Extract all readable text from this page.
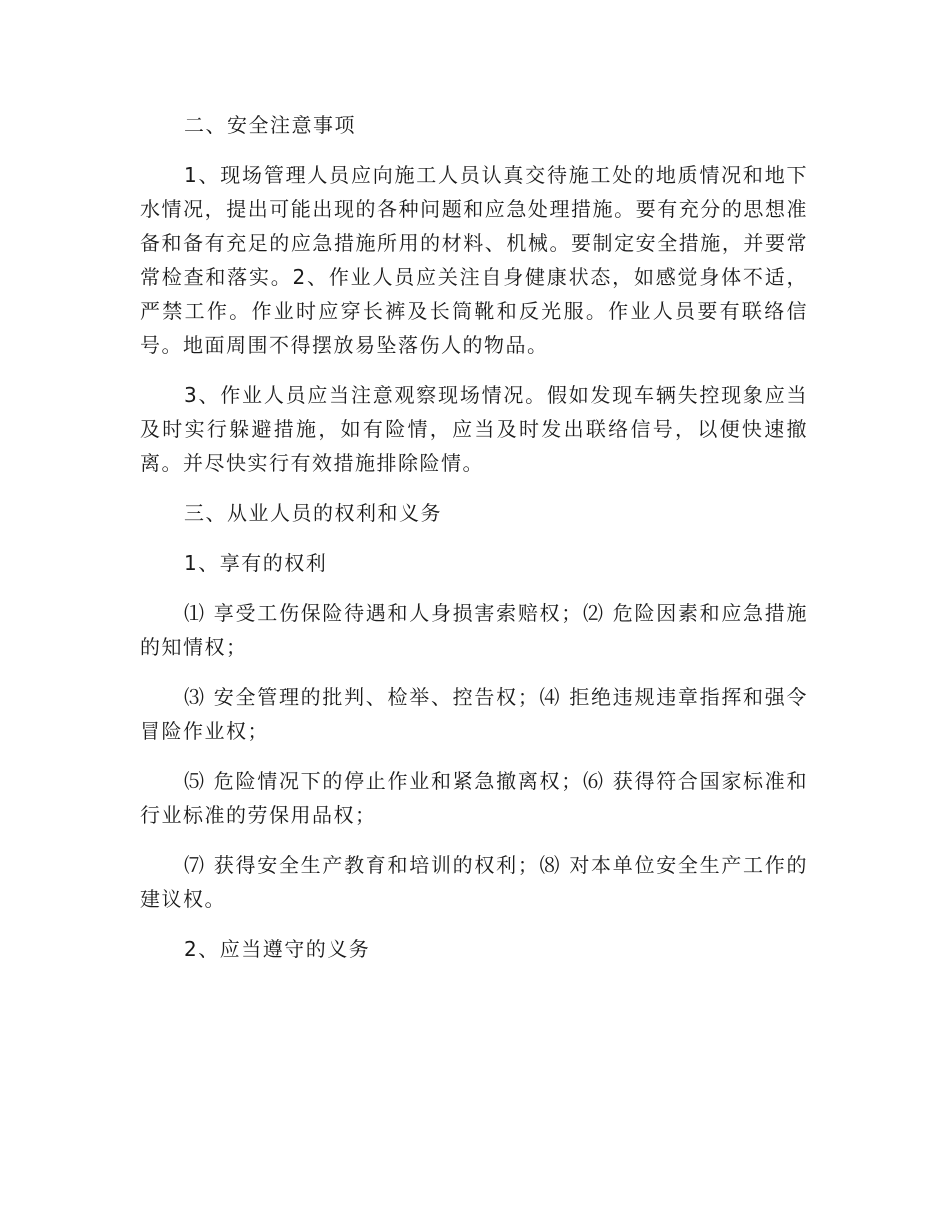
二、安全注意事项

1、现场管理人员应向施工人员认真交待施工处的地质情况和地下水情况，提出可能出现的各种问题和应急处理措施。要有充分的思想准备和备有充足的应急措施所用的材料、机械。要制定安全措施，并要常常检查和落实。2、作业人员应关注自身健康状态，如感觉身体不适，严禁工作。作业时应穿长裤及长筒靴和反光服。作业人员要有联络信号。地面周围不得摆放易坠落伤人的物品。

3、作业人员应当注意观察现场情况。假如发现车辆失控现象应当及时实行躲避措施，如有险情，应当及时发出联络信号，以便快速撤离。并尽快实行有效措施排除险情。

三、从业人员的权利和义务

1、享有的权利

⑴ 享受工伤保险待遇和人身损害索赔权；⑵ 危险因素和应急措施的知情权；

⑶ 安全管理的批判、检举、控告权；⑷ 拒绝违规违章指挥和强令冒险作业权；

⑸ 危险情况下的停止作业和紧急撤离权；⑹ 获得符合国家标准和行业标准的劳保用品权；

⑺ 获得安全生产教育和培训的权利；⑻ 对本单位安全生产工作的建议权。

2、应当遵守的义务
